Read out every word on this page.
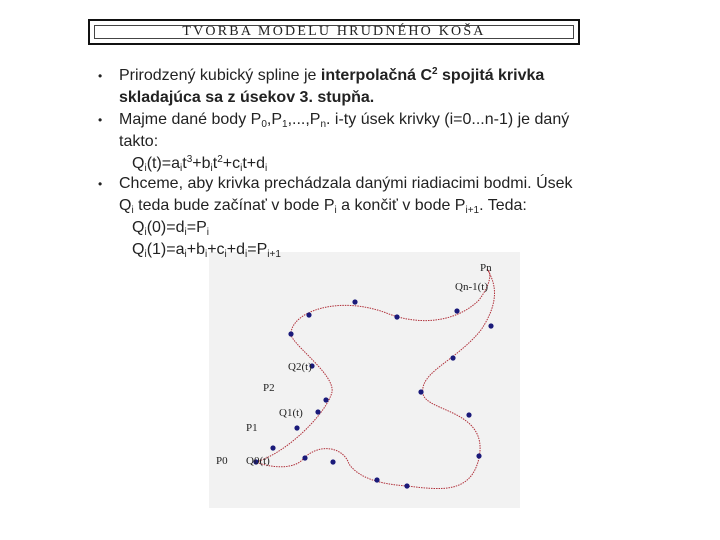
TVORBA MODELU HRUDNÉHO KOŠA
• Prirodzený kubický spline je interpolačná $C^2$ spojitá krivka
skladajúca sa z úsekov 3. stupňa.
• Majme dané body $P_0,P_1,...,P_n$. i-ty úsek krivky (i=0...n-1) je daný
takto:
$Q_i(t)=a_it^3+b_it^2+c_it+d_i$
• Chceme, aby krivka prechádzala danými riadiacimi bodmi. Úsek
$Q_i$ teda bude začínať v bode $P_i$ a končiť v bode $P_{i+1}$. Teda:
$Q_i(0)=d_i=P_i$
$Q_i(1)=a_i+b_i+c_i+d_i=P_{i+1}$
Pn
Qn-1(t)
Q2(t)
P2
Q1(t)
P1
P0 Q0(t)
